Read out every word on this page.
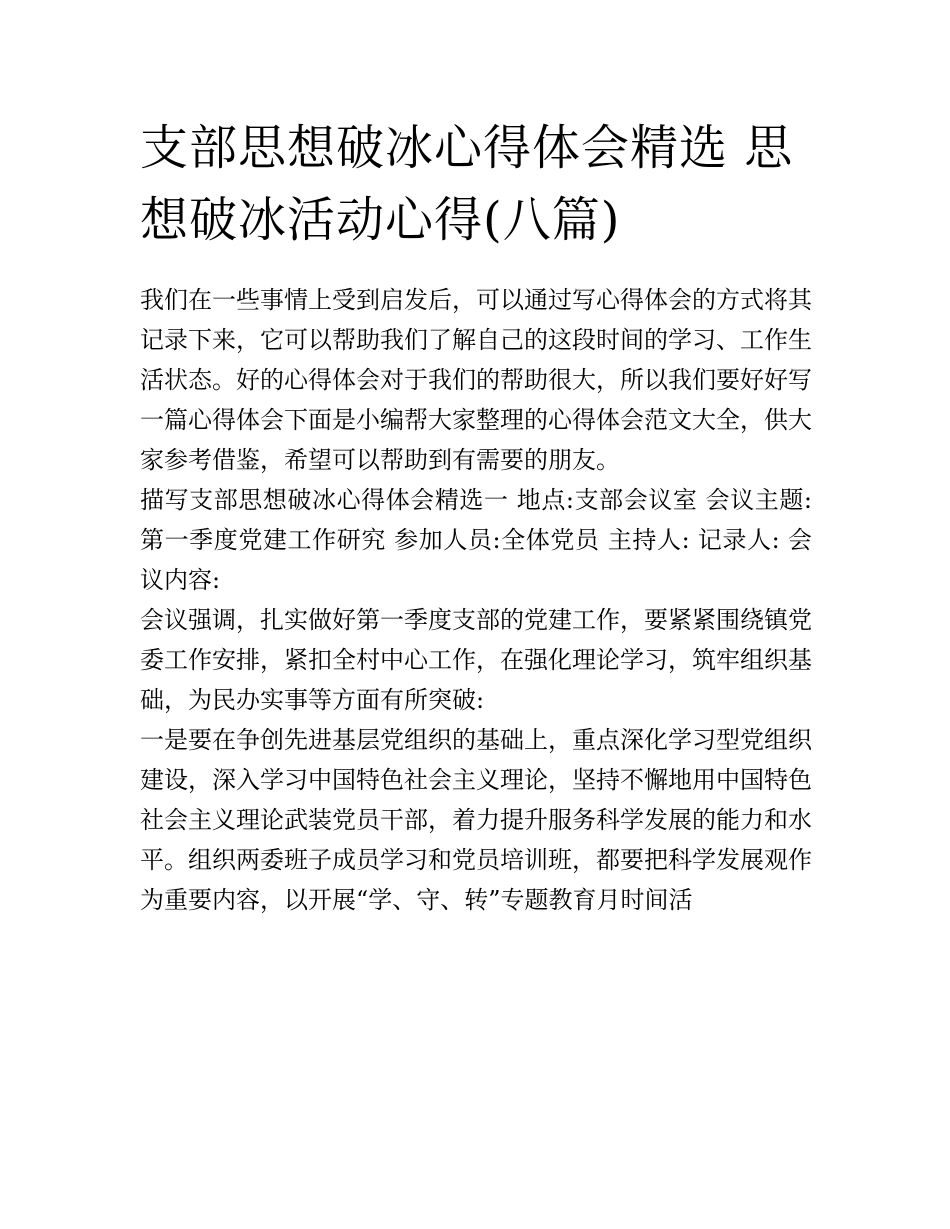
支部思想破冰心得体会精选 思想破冰活动心得(八篇)

我们在一些事情上受到启发后，可以通过写心得体会的方式将其记录下来，它可以帮助我们了解自己的这段时间的学习、工作生活状态。好的心得体会对于我们的帮助很大，所以我们要好好写一篇心得体会下面是小编帮大家整理的心得体会范文大全，供大家参考借鉴，希望可以帮助到有需要的朋友。

描写支部思想破冰心得体会精选一 地点:支部会议室 会议主题:第一季度党建工作研究 参加人员:全体党员 主持人: 记录人: 会议内容:

会议强调，扎实做好第一季度支部的党建工作，要紧紧围绕镇党委工作安排，紧扣全村中心工作，在强化理论学习，筑牢组织基础，为民办实事等方面有所突破:

一是要在争创先进基层党组织的基础上，重点深化学习型党组织建设，深入学习中国特色社会主义理论，坚持不懈地用中国特色社会主义理论武装党员干部，着力提升服务科学发展的能力和水平。组织两委班子成员学习和党员培训班，都要把科学发展观作为重要内容，以开展“学、守、转”专题教育月时间活
